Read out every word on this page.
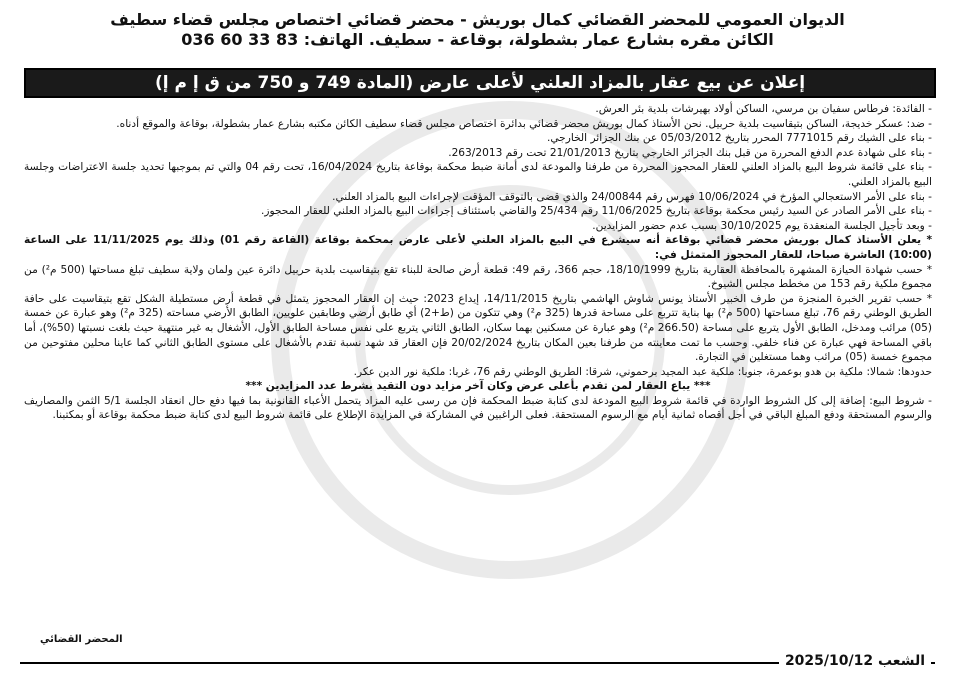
الديوان العمومي للمحضر القضائي كمال بوريش - محضر قضائي اختصاص مجلس قضاء سطيف
الكائن مقره بشارع عمار بشطولة، بوقاعة - سطيف. الهاتف: 83 33 60 036
إعلان عن بيع عقار بالمزاد العلني لأعلى عارض (المادة 749 و 750 من ق إ م إ)

- الفائدة: فرطاس سفيان بن مرسي، الساكن أولاد بهيرشات بلدية بئر العرش.

- ضد: عسكر خديجة، الساكن بتيقاسيت بلدية حربيل. نحن الأستاذ كمال بوريش محضر قضائي بدائرة اختصاص مجلس قضاء سطيف الكائن مكتبه بشارع عمار بشطولة، بوقاعة والموقع أدناه.

- بناء على الشيك رقم 7771015 المحرر بتاريخ 05/03/2012 عن بنك الجزائر الخارجي.

- بناء على شهادة عدم الدفع المحررة من قبل بنك الجزائر الخارجي بتاريخ 21/01/2013 تحت رقم 263/2013.

- بناء على قائمة شروط البيع بالمزاد العلني للعقار المحجوز المحررة من طرفنا والمودعة لدى أمانة ضبط محكمة بوقاعة بتاريخ 16/04/2024، تحت رقم 04 والتي تم بموجبها تحديد جلسة الاعتراضات وجلسة البيع بالمزاد العلني.

- بناء على الأمر الاستعجالي المؤرخ في 10/06/2024 فهرس رقم 24/00844 والذي قضى بالتوقف المؤقت لإجراءات البيع بالمزاد العلني.

- بناء على الأمر الصادر عن السيد رئيس محكمة بوقاعة بتاريخ 11/06/2025 رقم 25/434 والقاضي باستئناف إجراءات البيع بالمزاد العلني للعقار المحجوز.

- وبعد تأجيل الجلسة المنعقدة يوم 30/10/2025 بسبب عدم حضور المزايدين.

* يعلن الأستاذ كمال بوريش محضر قضائي بوقاعة أنه سيشرع في البيع بالمزاد العلني لأعلى عارض بمحكمة بوقاعة (القاعة رقم 01) وذلك يوم 11/11/2025 على الساعة (10:00) العاشرة صباحا، للعقار المحجوز المتمثل في:

* حسب شهادة الحيازة المشهرة بالمحافظة العقارية بتاريخ 18/10/1999، حجم 366، رقم 49: قطعة أرض صالحة للبناء تقع بتيقاسيت بلدية حربيل دائرة عين ولمان ولاية سطيف تبلغ مساحتها (500 م²) من مجموع ملكية رقم 153 من مخطط مجلس الشيوخ.

* حسب تقرير الخبرة المنجزة من طرف الخبير الأستاذ يونس شاوش الهاشمي بتاريخ 14/11/2015، إيداع 2023: حيث إن العقار المحجوز يتمثل في قطعة أرض مستطيلة الشكل تقع بتيقاسيت على حافة الطريق الوطني رقم 76، تبلغ مساحتها (500 م²) بها بناية تتربع على مساحة قدرها (325 م²) وهي تتكون من (ط+2) أي طابق أرضي وطابقين علويين، الطابق الأرضي مساحته (325 م²) وهو عبارة عن خمسة (05) مرائب ومدخل، الطابق الأول يتربع على مساحة (266.50 م²) وهو عبارة عن مسكنين بهما سكان، الطابق الثاني يتربع على نفس مساحة الطابق الأول، الأشغال به غير منتهية حيث بلغت نسبتها (50%)، أما باقي المساحة فهي عبارة عن فناء خلفي. وحسب ما تمت معاينته من طرفنا بعين المكان بتاريخ 20/02/2024 فإن العقار قد شهد نسبة تقدم بالأشغال على مستوى الطابق الثاني كما عاينا محلين مفتوحين من مجموع خمسة (05) مرائب وهما مستغلين في التجارة.

حدودها: شمالا: ملكية بن هدو بوعمرة، جنوبا: ملكية عبد المجيد برحموني، شرقا: الطريق الوطني رقم 76، غربا: ملكية نور الدين عكر.

*** يباع العقار لمن تقدم بأعلى عرض وكان آخر مزايد دون التقيد بشرط عدد المزايدين ***

- شروط البيع: إضافة إلى كل الشروط الواردة في قائمة شروط البيع المودعة لدى كتابة ضبط المحكمة فإن من رسى عليه المزاد يتحمل الأعباء القانونية بما فيها دفع حال انعقاد الجلسة 5/1 الثمن والمصاريف والرسوم المستحقة ودفع المبلغ الباقي في أجل أقصاه ثمانية أيام مع الرسوم المستحقة. فعلى الراغبين في المشاركة في المزايدة الإطلاع على قائمة شروط البيع لدى كتابة ضبط محكمة بوقاعة أو بمكتبنا.

المحضر القضائي
الشعب 2025/10/12
